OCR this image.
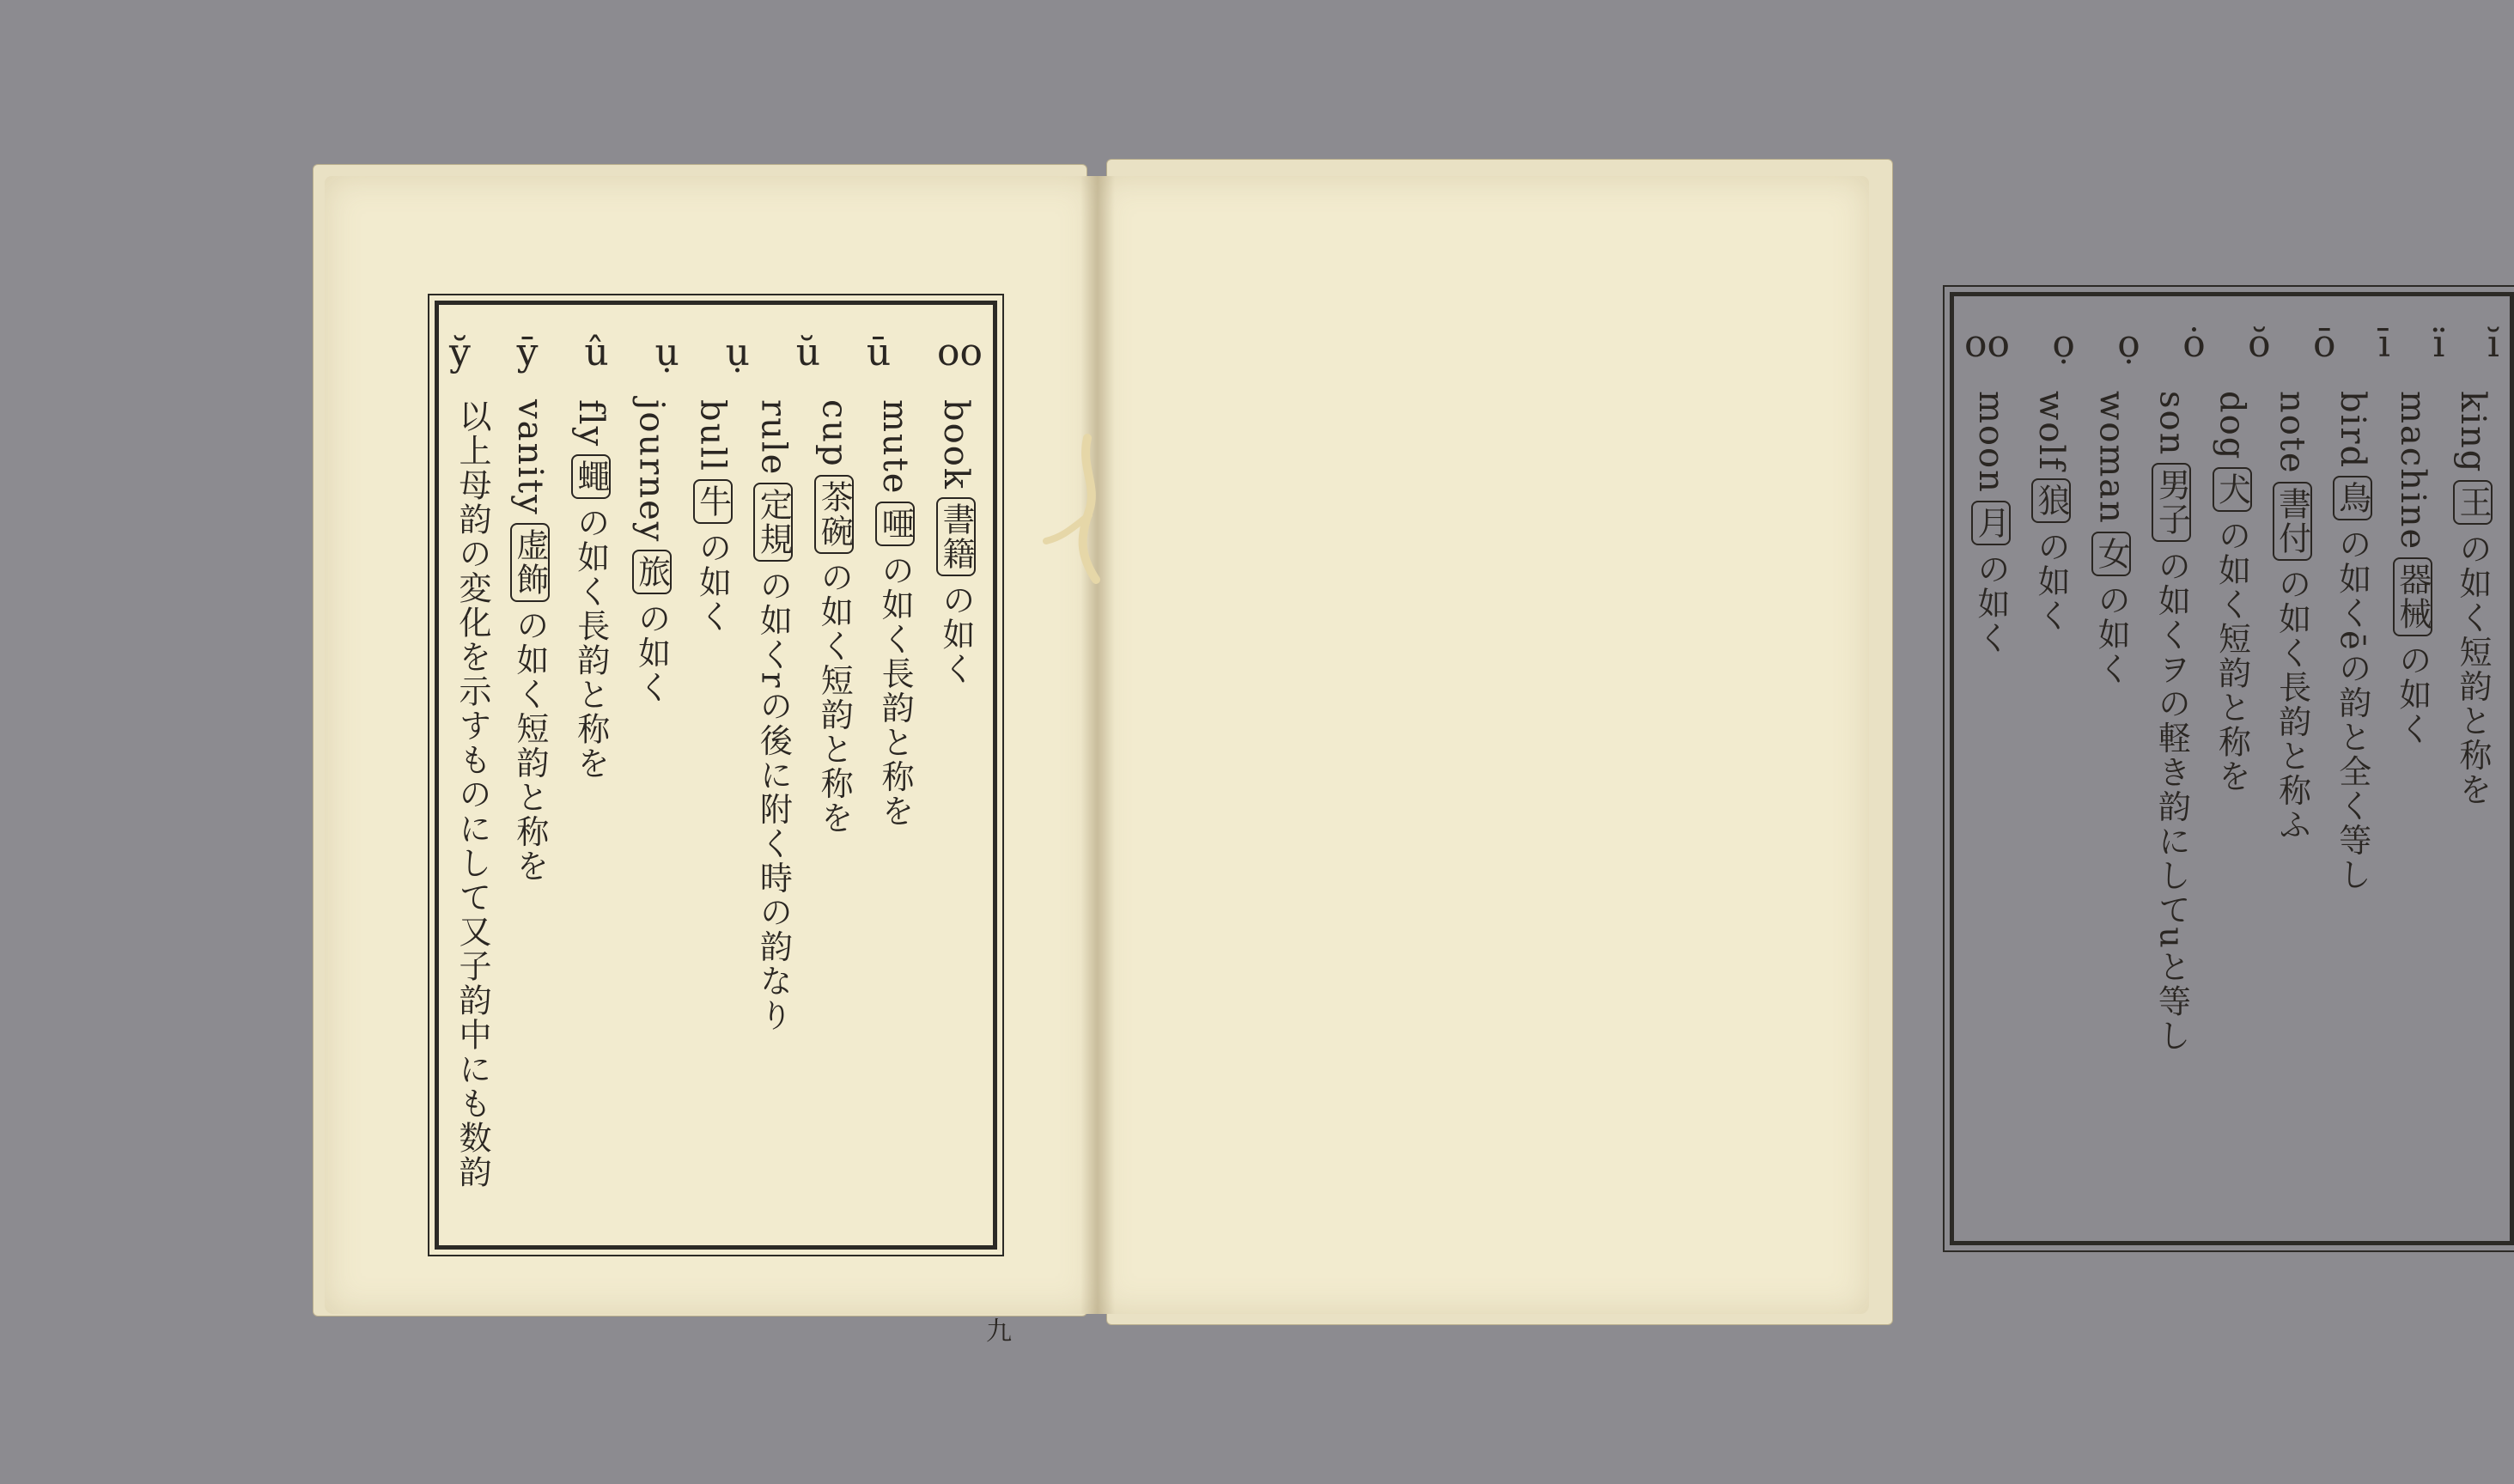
oo
ū
ŭ
ụ
ụ
û
ȳ
y̆
book書籍の如く
mute唖の如く長韵と称を
cup茶碗の如く短韵と称を
rule定規の如くrの後に附く時の韵なり
bull牛の如く
journey旅の如く
fly蠅の如く長韵と称を
vanity虚飾の如く短韵と称を
以上母韵の変化を示すものにして又子韵中にも数韵
九
ĭ
ï
ī
ō
ŏ
ȯ
ọ
ọ
oo
king王の如く短韵と称を
machine器械の如く
bird鳥の如くēの韵と全く等し
note書付の如く長韵と称ふ
dog犬の如く短韵と称を
son男子の如くヲの軽き韵にしてuと等し
woman女の如く
wolf狼の如く
moon月の如く
